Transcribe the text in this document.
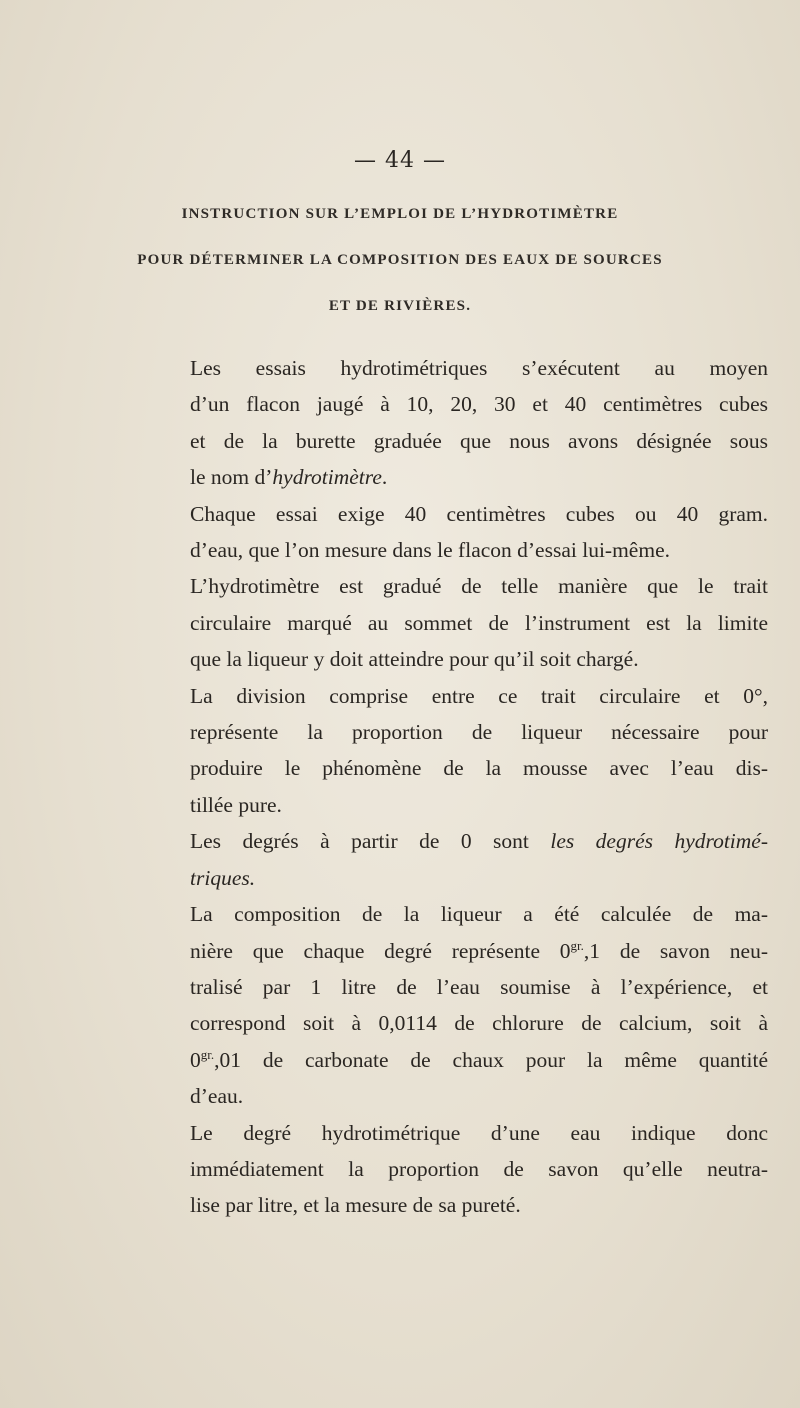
— 44 —
INSTRUCTION SUR L’EMPLOI DE L’HYDROTIMÈTRE
POUR DÉTERMINER LA COMPOSITION DES EAUX DE SOURCES
ET DE RIVIÈRES.

Les essais hydrotimétriques s’exécutent au moyen
d’un flacon jaugé à 10, 20, 30 et 40 centimètres cubes
et de la burette graduée que nous avons désignée sous
le nom d’hydrotimètre.

Chaque essai exige 40 centimètres cubes ou 40 gram.
d’eau, que l’on mesure dans le flacon d’essai lui-même.

L’hydrotimètre est gradué de telle manière que le trait
circulaire marqué au sommet de l’instrument est la limite
que la liqueur y doit atteindre pour qu’il soit chargé.

La division comprise entre ce trait circulaire et 0°,
représente la proportion de liqueur nécessaire pour
produire le phénomène de la mousse avec l’eau dis-
tillée pure.

Les degrés à partir de 0 sont les degrés hydrotimé-
triques.

La composition de la liqueur a été calculée de ma-
nière que chaque degré représente $0^{gr.},1$ de savon neu-
tralisé par 1 litre de l’eau soumise à l’expérience, et
correspond soit à 0,0114 de chlorure de calcium, soit à
$0^{gr.},01$ de carbonate de chaux pour la même quantité
d’eau.

Le degré hydrotimétrique d’une eau indique donc
immédiatement la proportion de savon qu’elle neutra-
lise par litre, et la mesure de sa pureté.
